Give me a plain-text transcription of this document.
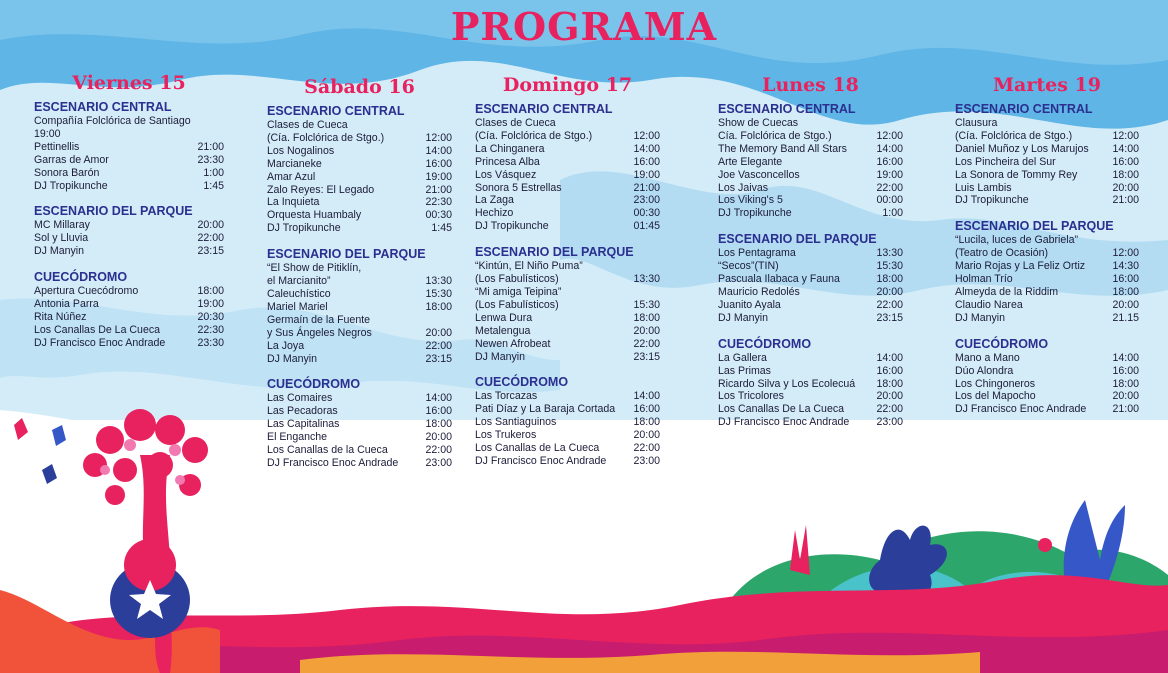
PROGRAMA
Viernes 15
ESCENARIO CENTRAL
Compañía Folclórica de Santiago
19:00
Pettinellis	21:00
Garras de Amor	23:30
Sonora Barón	1:00
DJ Tropikunche	1:45
ESCENARIO DEL PARQUE
MC Millaray	20:00
Sol y Lluvia	22:00
DJ Manyin	23:15
CUECÓDROMO
Apertura Cuecódromo	18:00
Antonia Parra	19:00
Rita Núñez	20:30
Los Canallas De La Cueca	22:30
DJ Francisco Enoc Andrade	23:30
Sábado 16
ESCENARIO CENTRAL
Clases de Cueca
(Cía. Folclórica de Stgo.)	12:00
Los Nogalinos	14:00
Marcianeke	16:00
Amar Azul	19:00
Zalo Reyes: El Legado	21:00
La Inquieta	22:30
Orquesta Huambaly	00:30
DJ Tropikunche	1:45
ESCENARIO DEL PARQUE
“El Show de Pitiklín,
el Marcianito”	13:30
Caleuchístico	15:30
Mariel Mariel	18:00
Germaín de la Fuente
y Sus Ángeles Negros	20:00
La Joya	22:00
DJ Manyin	23:15
CUECÓDROMO
Las Comaires	14:00
Las Pecadoras	16:00
Las Capitalinas	18:00
El Enganche	20:00
Los Canallas de la Cueca	22:00
DJ Francisco Enoc Andrade	23:00
Domingo 17
ESCENARIO CENTRAL
Clases de Cueca
(Cía. Folclórica de Stgo.)	12:00
La Chinganera	14:00
Princesa Alba	16:00
Los Vásquez	19:00
Sonora 5 Estrellas	21:00
La Zaga	23:00
Hechizo	00:30
DJ Tropikunche	01:45
ESCENARIO DEL PARQUE
“Kintún, El Niño Puma”
(Los Fabulísticos)	13:30
“Mi amiga Teipina”
(Los Fabulísticos)	15:30
Lenwa Dura	18:00
Metalengua	20:00
Newen Afrobeat	22:00
DJ Manyin	23:15
CUECÓDROMO
Las Torcazas	14:00
Pati Díaz y La Baraja Cortada	16:00
Los Santiaguinos	18:00
Los Trukeros	20:00
Los Canallas de La Cueca	22:00
DJ Francisco Enoc Andrade	23:00
Lunes 18
ESCENARIO CENTRAL
Show de Cuecas
Cía. Folclórica de Stgo.)	12:00
The Memory Band All Stars	14:00
Arte Elegante	16:00
Joe Vasconcellos	19:00
Los Jaivas	22:00
Los Viking's 5	00:00
DJ Tropikunche	1:00
ESCENARIO DEL PARQUE
Los Pentagrama	13:30
“Secos”(TIN)	15:30
Pascuala Ilabaca y Fauna	18:00
Mauricio Redolés	20:00
Juanito Ayala	22:00
DJ Manyin	23:15
CUECÓDROMO
La Gallera	14:00
Las Primas	16:00
Ricardo Silva y Los Ecolecuá	18:00
Los Tricolores	20:00
Los Canallas De La Cueca	22:00
DJ Francisco Enoc Andrade	23:00
Martes 19
ESCENARIO CENTRAL
Clausura
(Cía. Folclórica de Stgo.)	12:00
Daniel Muñoz y Los Marujos	14:00
Los Pincheira del Sur	16:00
La Sonora de Tommy Rey	18:00
Luis Lambis	20:00
DJ Tropikunche	21:00
ESCENARIO DEL PARQUE
“Lucila, luces de Gabriela”
(Teatro de Ocasión)	12:00
Mario Rojas y La Feliz Ortiz	14:30
Holman Trío	16:00
Almeyda de la Riddim	18:00
Claudio Narea	20:00
DJ Manyin	21.15
CUECÓDROMO
Mano a Mano	14:00
Dúo Alondra	16:00
Los Chingoneros	18:00
Los del Mapocho	20:00
DJ Francisco Enoc Andrade	21:00
